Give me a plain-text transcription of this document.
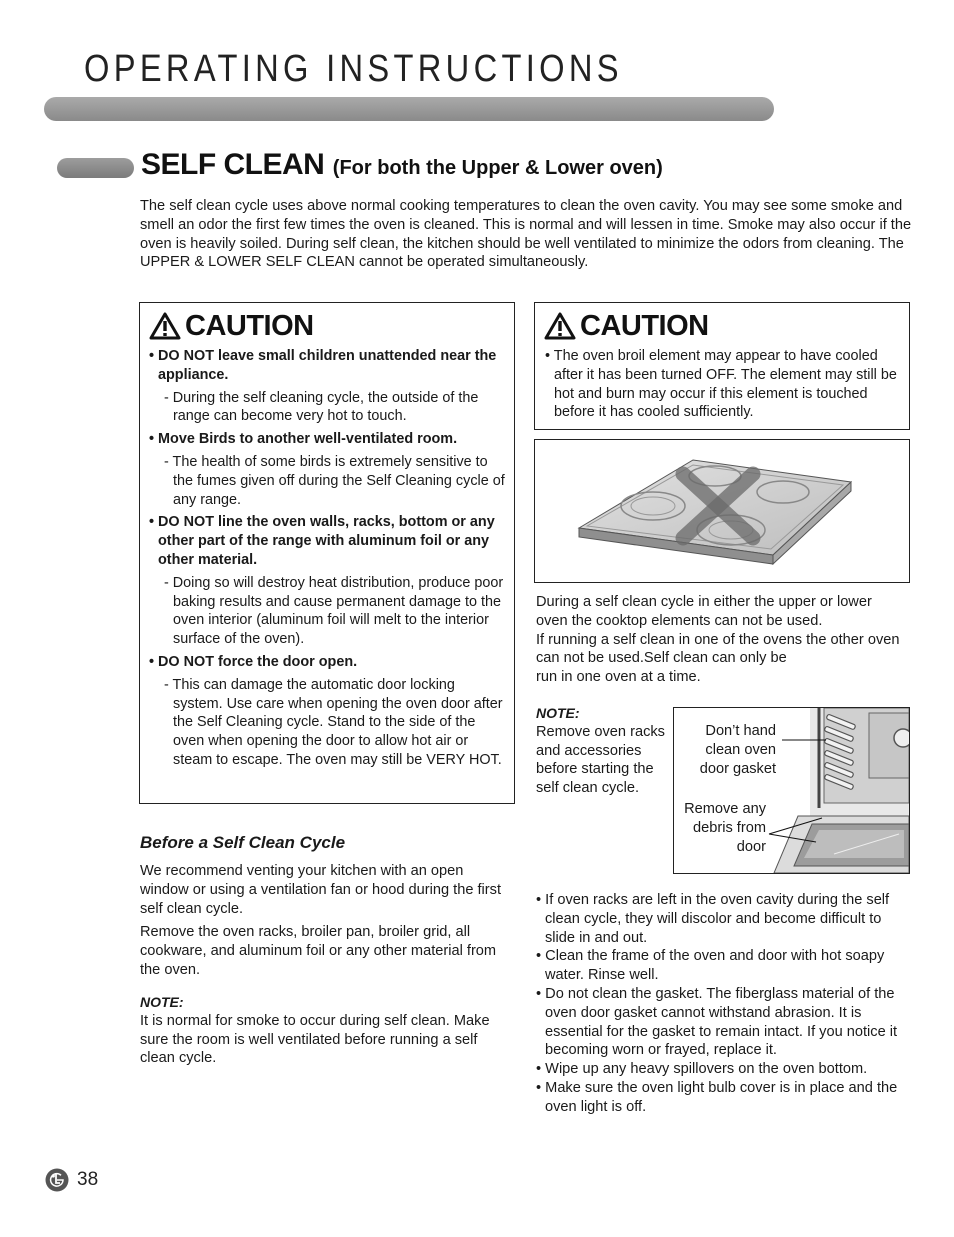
OPERATING INSTRUCTIONS
SELF CLEAN (For both the Upper & Lower oven)

The self clean cycle uses above normal cooking temperatures to clean the oven cavity. You may see some smoke and smell an odor the first few times the oven is cleaned. This is normal and will lessen in time. Smoke may also occur if the oven is heavily soiled. During self clean, the kitchen should be well ventilated to minimize the odors from cleaning. The UPPER & LOWER SELF CLEAN cannot be operated simultaneously.

CAUTION
• DO NOT leave small children unattended near the appliance.
- During the self cleaning cycle, the outside of the range can become very hot to touch.
• Move Birds to another well-ventilated room.
- The health of some birds is extremely sensitive to the fumes given off during the Self Cleaning cycle of any range.
• DO NOT line the oven walls, racks, bottom or any other part of the range with aluminum foil or any other material.
- Doing so will destroy heat distribution, produce poor baking results and cause permanent damage to the oven interior (aluminum foil will melt to the interior surface of the oven).
• DO NOT force the door open.
- This can damage the automatic door locking system. Use care when opening the oven door after the Self Cleaning cycle. Stand to the side of the oven when opening the door to allow hot air or steam to escape. The oven may still be VERY HOT.
CAUTION
• The oven broil element may appear to have cooled after it has been turned OFF. The element may still be hot and burn may occur if this element is touched before it has cooled sufficiently.
During a self clean cycle in either the upper or lower oven the cooktop elements can not be used.
If running a self clean in one of the ovens the other oven can not be used.Self clean can only be
run in one oven at a time.
NOTE:
Remove oven racks and accessories before starting the self clean cycle.
Don’t hand clean oven door gasket
Remove any debris from door
Before a Self Clean Cycle

We recommend venting your kitchen with an open window or using a ventilation fan or hood during the first self clean cycle.

Remove the oven racks, broiler pan, broiler grid, all cookware, and aluminum foil or any other material from the oven.

NOTE:
It is normal for smoke to occur during self clean. Make sure the room is well ventilated before running a self clean cycle.
• If oven racks are left in the oven cavity during the self clean cycle, they will discolor and become difficult to slide in and out.
• Clean the frame of the oven and door with hot soapy water. Rinse well.
• Do not clean the gasket. The fiberglass material of the oven door gasket cannot withstand abrasion. It is essential for the gasket to remain intact. If you notice it becoming worn or frayed, replace it.
• Wipe up any heavy spillovers on the oven bottom.
• Make sure the oven light bulb cover is in place and the oven light is off.
38
